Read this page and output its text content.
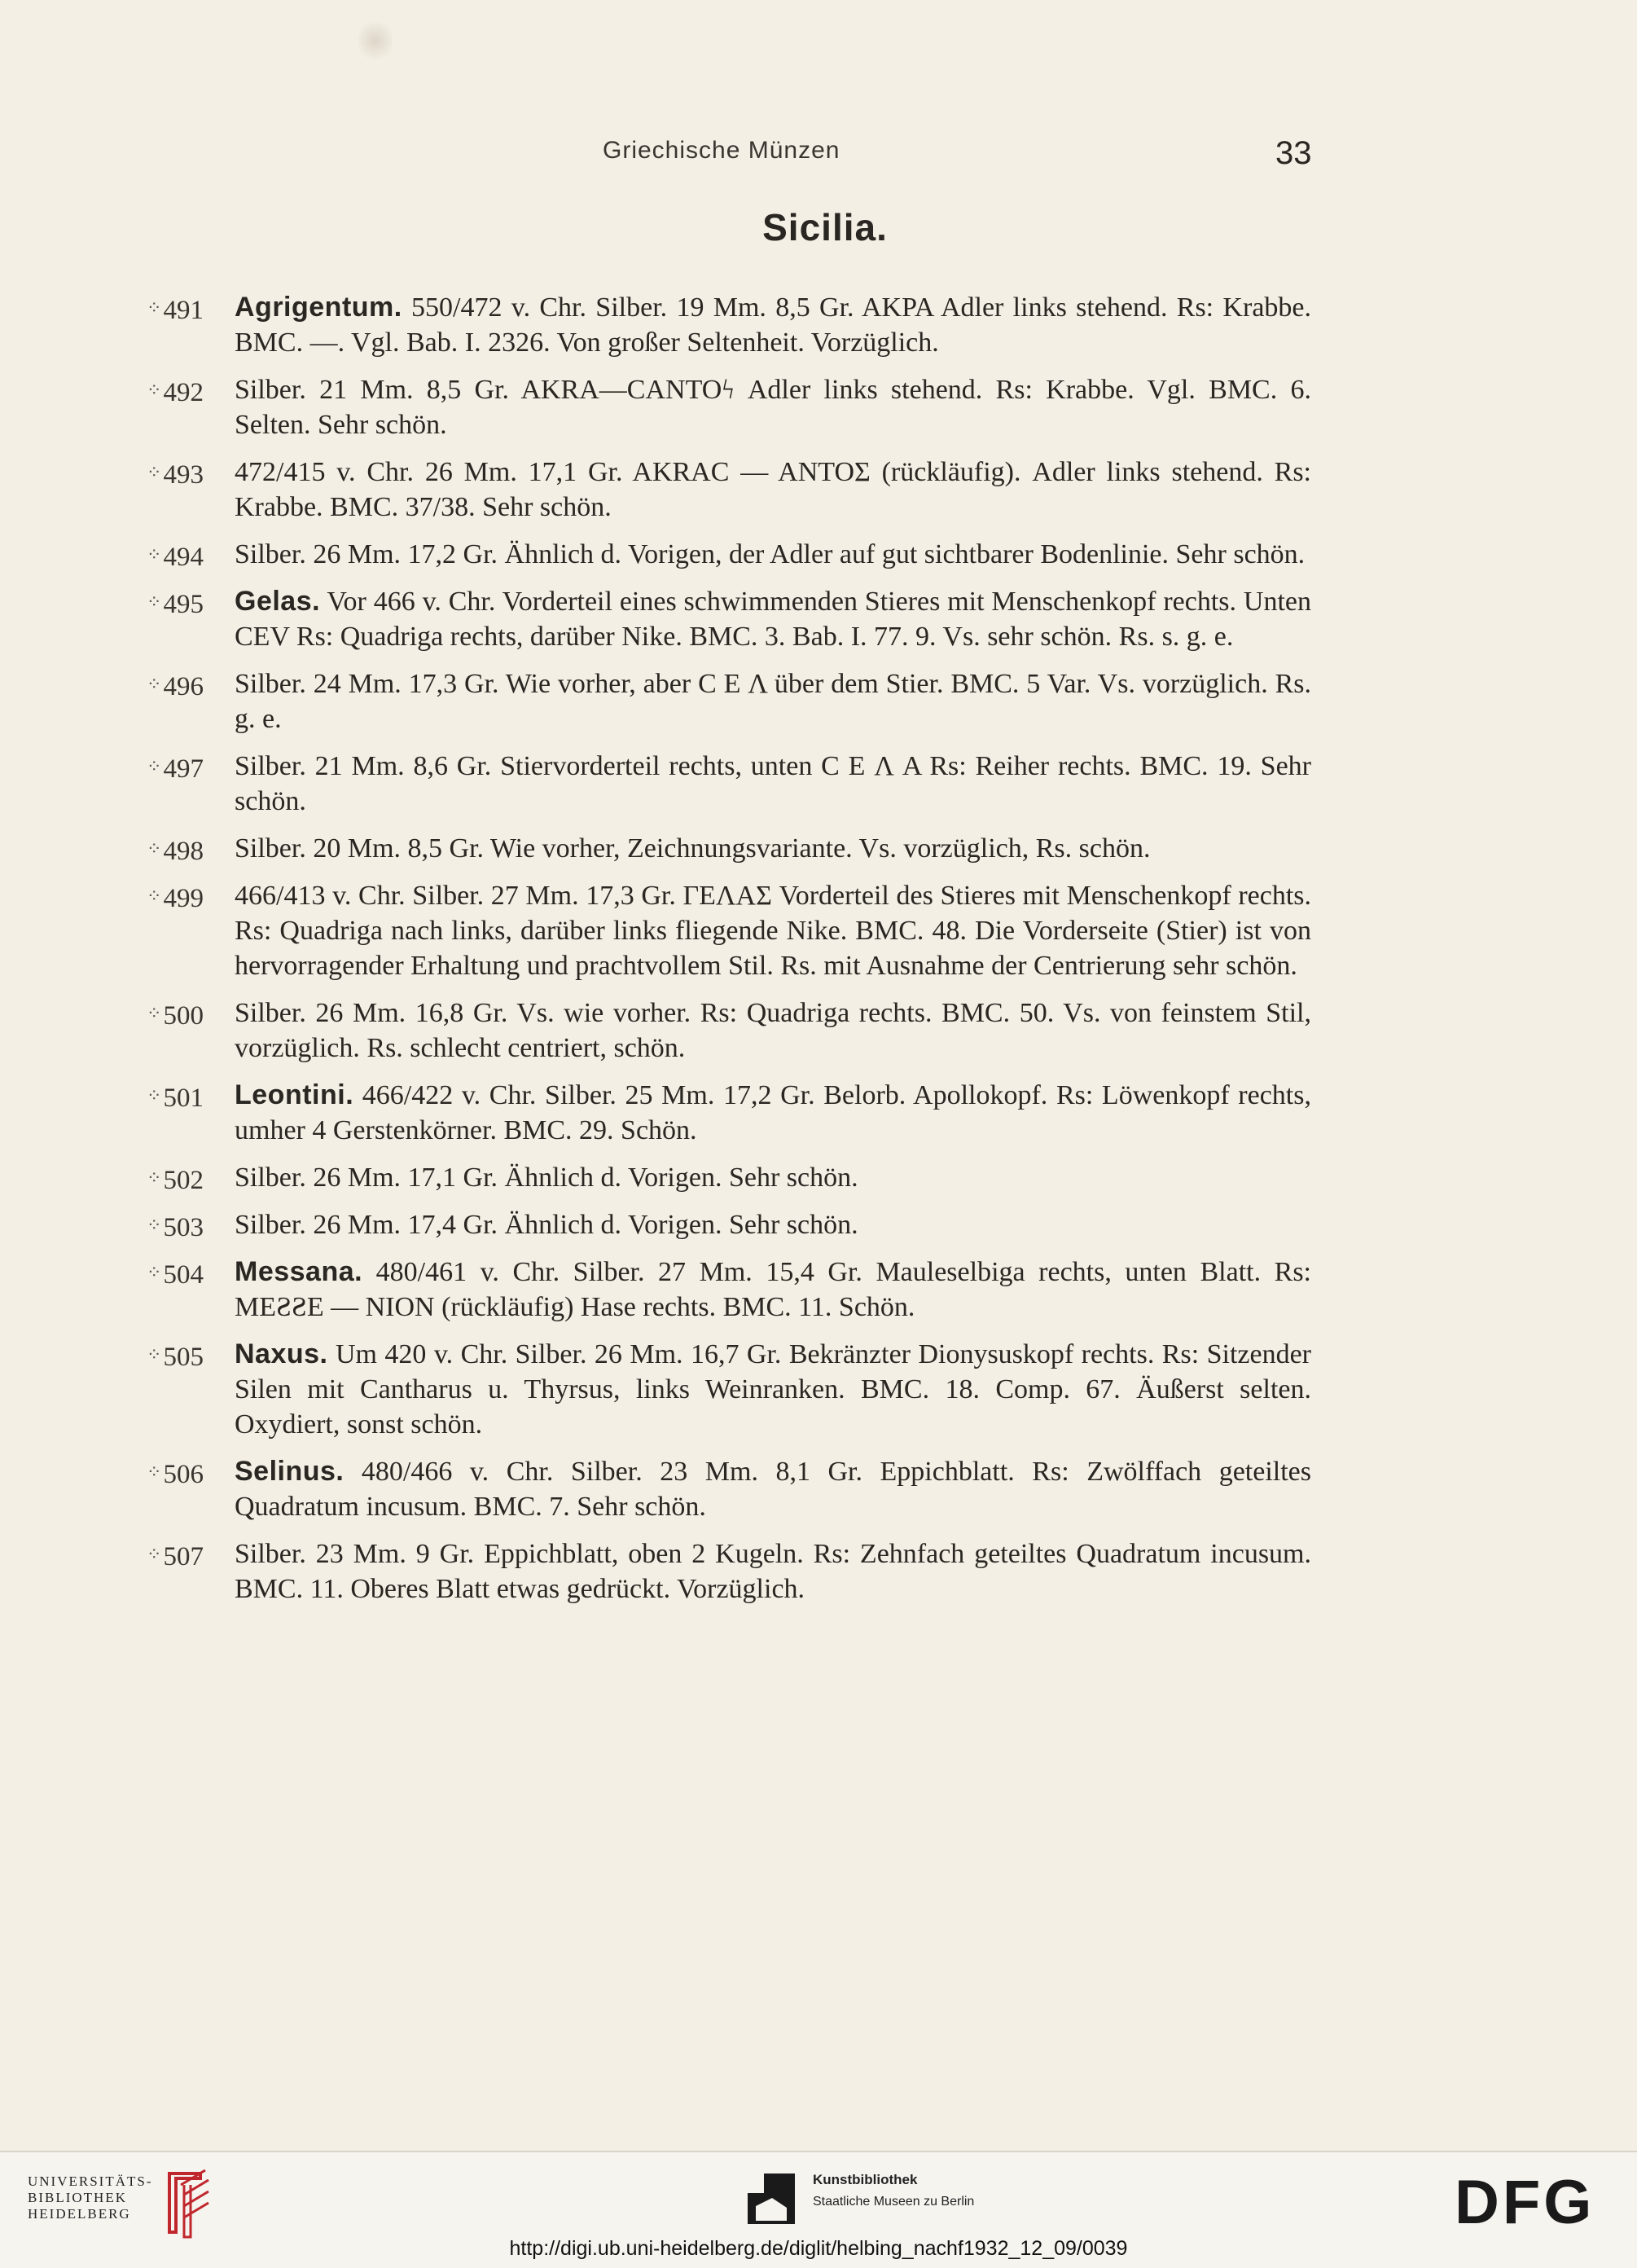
Griechische Münzen	33
Sicilia.
⁘491	Agrigentum. 550/472 v. Chr. Silber. 19 Mm. 8,5 Gr. AKPA Adler links stehend. Rs: Krabbe. BMC. —. Vgl. Bab. I. 2326. Von großer Seltenheit. Vorzüglich.
⁘492	Silber. 21 Mm. 8,5 Gr. AKRA—CANTOϟ Adler links stehend. Rs: Krabbe. Vgl. BMC. 6. Selten. Sehr schön.
⁘493	472/415 v. Chr. 26 Mm. 17,1 Gr. AKRAC — ANTOΣ (rückläufig). Adler links stehend. Rs: Krabbe. BMC. 37/38. Sehr schön.
⁘494	Silber. 26 Mm. 17,2 Gr. Ähnlich d. Vorigen, der Adler auf gut sichtbarer Bodenlinie. Sehr schön.
⁘495	Gelas. Vor 466 v. Chr. Vorderteil eines schwimmenden Stieres mit Menschenkopf rechts. Unten CEV Rs: Quadriga rechts, darüber Nike. BMC. 3. Bab. I. 77. 9. Vs. sehr schön. Rs. s. g. e.
⁘496	Silber. 24 Mm. 17,3 Gr. Wie vorher, aber C E Λ über dem Stier. BMC. 5 Var. Vs. vorzüglich. Rs. g. e.
⁘497	Silber. 21 Mm. 8,6 Gr. Stiervorderteil rechts, unten C E Λ A Rs: Reiher rechts. BMC. 19. Sehr schön.
⁘498	Silber. 20 Mm. 8,5 Gr. Wie vorher, Zeichnungsvariante. Vs. vorzüglich, Rs. schön.
⁘499	466/413 v. Chr. Silber. 27 Mm. 17,3 Gr. ΓΕΛΑΣ Vorderteil des Stieres mit Menschenkopf rechts. Rs: Quadriga nach links, darüber links fliegende Nike. BMC. 48. Die Vorderseite (Stier) ist von hervorragender Erhaltung und prachtvollem Stil. Rs. mit Ausnahme der Centrierung sehr schön.
⁘500	Silber. 26 Mm. 16,8 Gr. Vs. wie vorher. Rs: Quadriga rechts. BMC. 50. Vs. von feinstem Stil, vorzüglich. Rs. schlecht centriert, schön.
⁘501	Leontini. 466/422 v. Chr. Silber. 25 Mm. 17,2 Gr. Belorb. Apollokopf. Rs: Löwenkopf rechts, umher 4 Gerstenkörner. BMC. 29. Schön.
⁘502	Silber. 26 Mm. 17,1 Gr. Ähnlich d. Vorigen. Sehr schön.
⁘503	Silber. 26 Mm. 17,4 Gr. Ähnlich d. Vorigen. Sehr schön.
⁘504	Messana. 480/461 v. Chr. Silber. 27 Mm. 15,4 Gr. Mauleselbiga rechts, unten Blatt. Rs: MEƧƧE — NION (rückläufig) Hase rechts. BMC. 11. Schön.
⁘505	Naxus. Um 420 v. Chr. Silber. 26 Mm. 16,7 Gr. Bekränzter Dionysuskopf rechts. Rs: Sitzender Silen mit Cantharus u. Thyrsus, links Weinranken. BMC. 18. Comp. 67. Äußerst selten. Oxydiert, sonst schön.
⁘506	Selinus. 480/466 v. Chr. Silber. 23 Mm. 8,1 Gr. Eppichblatt. Rs: Zwölffach geteiltes Quadratum incusum. BMC. 7. Sehr schön.
⁘507	Silber. 23 Mm. 9 Gr. Eppichblatt, oben 2 Kugeln. Rs: Zehnfach geteiltes Quadratum incusum. BMC. 11. Oberes Blatt etwas gedrückt. Vorzüglich.
UNIVERSITÄTS-
BIBLIOTHEK
HEIDELBERG
Kunstbibliothek
Staatliche Museen zu Berlin	DFG
http://digi.ub.uni-heidelberg.de/diglit/helbing_nachf1932_12_09/0039
